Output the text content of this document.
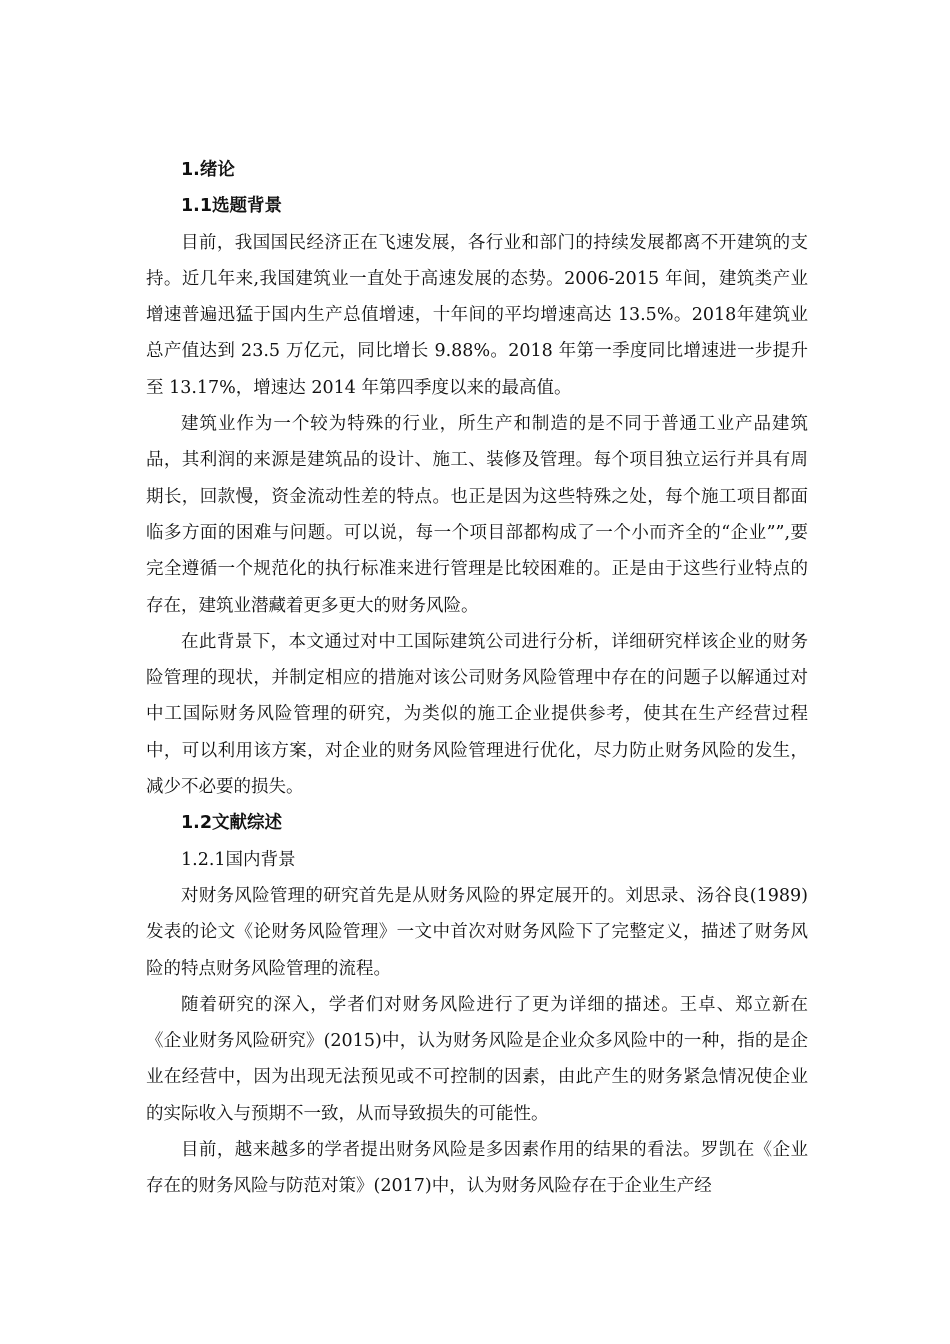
1.绪论
1.1选题背景

目前，我国国民经济正在飞速发展，各行业和部门的持续发展都离不开建筑的支持。近几年来,我国建筑业一直处于高速发展的态势。2006-2015 年间，建筑类产业增速普遍迅猛于国内生产总值增速，十年间的平均增速高达 13.5%。2018年建筑业总产值达到 23.5 万亿元，同比增长 9.88%。2018 年第一季度同比增速进一步提升至 13.17%，增速达 2014 年第四季度以来的最高值。

建筑业作为一个较为特殊的行业，所生产和制造的是不同于普通工业产品建筑品，其利润的来源是建筑品的设计、施工、装修及管理。每个项目独立运行并具有周期长，回款慢，资金流动性差的特点。也正是因为这些特殊之处，每个施工项目都面临多方面的困难与问题。可以说，每一个项目部都构成了一个小而齐全的“企业””,要完全遵循一个规范化的执行标准来进行管理是比较困难的。正是由于这些行业特点的存在，建筑业潜藏着更多更大的财务风险。

在此背景下，本文通过对中工国际建筑公司进行分析，详细研究样该企业的财务险管理的现状，并制定相应的措施对该公司财务风险管理中存在的问题子以解通过对中工国际财务风险管理的研究，为类似的施工企业提供参考，使其在生产经营过程中，可以利用该方案，对企业的财务风险管理进行优化，尽力防止财务风险的发生，减少不必要的损失。

1.2文献综述
1.2.1国内背景

对财务风险管理的研究首先是从财务风险的界定展开的。刘思录、汤谷良(1989)发表的论文《论财务风险管理》一文中首次对财务风险下了完整定义，描述了财务风险的特点财务风险管理的流程。

随着研究的深入，学者们对财务风险进行了更为详细的描述。王卓、郑立新在《企业财务风险研究》(2015)中，认为财务风险是企业众多风险中的一种，指的是企业在经营中，因为出现无法预见或不可控制的因素，由此产生的财务紧急情况使企业的实际收入与预期不一致，从而导致损失的可能性。

目前，越来越多的学者提出财务风险是多因素作用的结果的看法。罗凯在《企业存在的财务风险与防范对策》(2017)中，认为财务风险存在于企业生产经
